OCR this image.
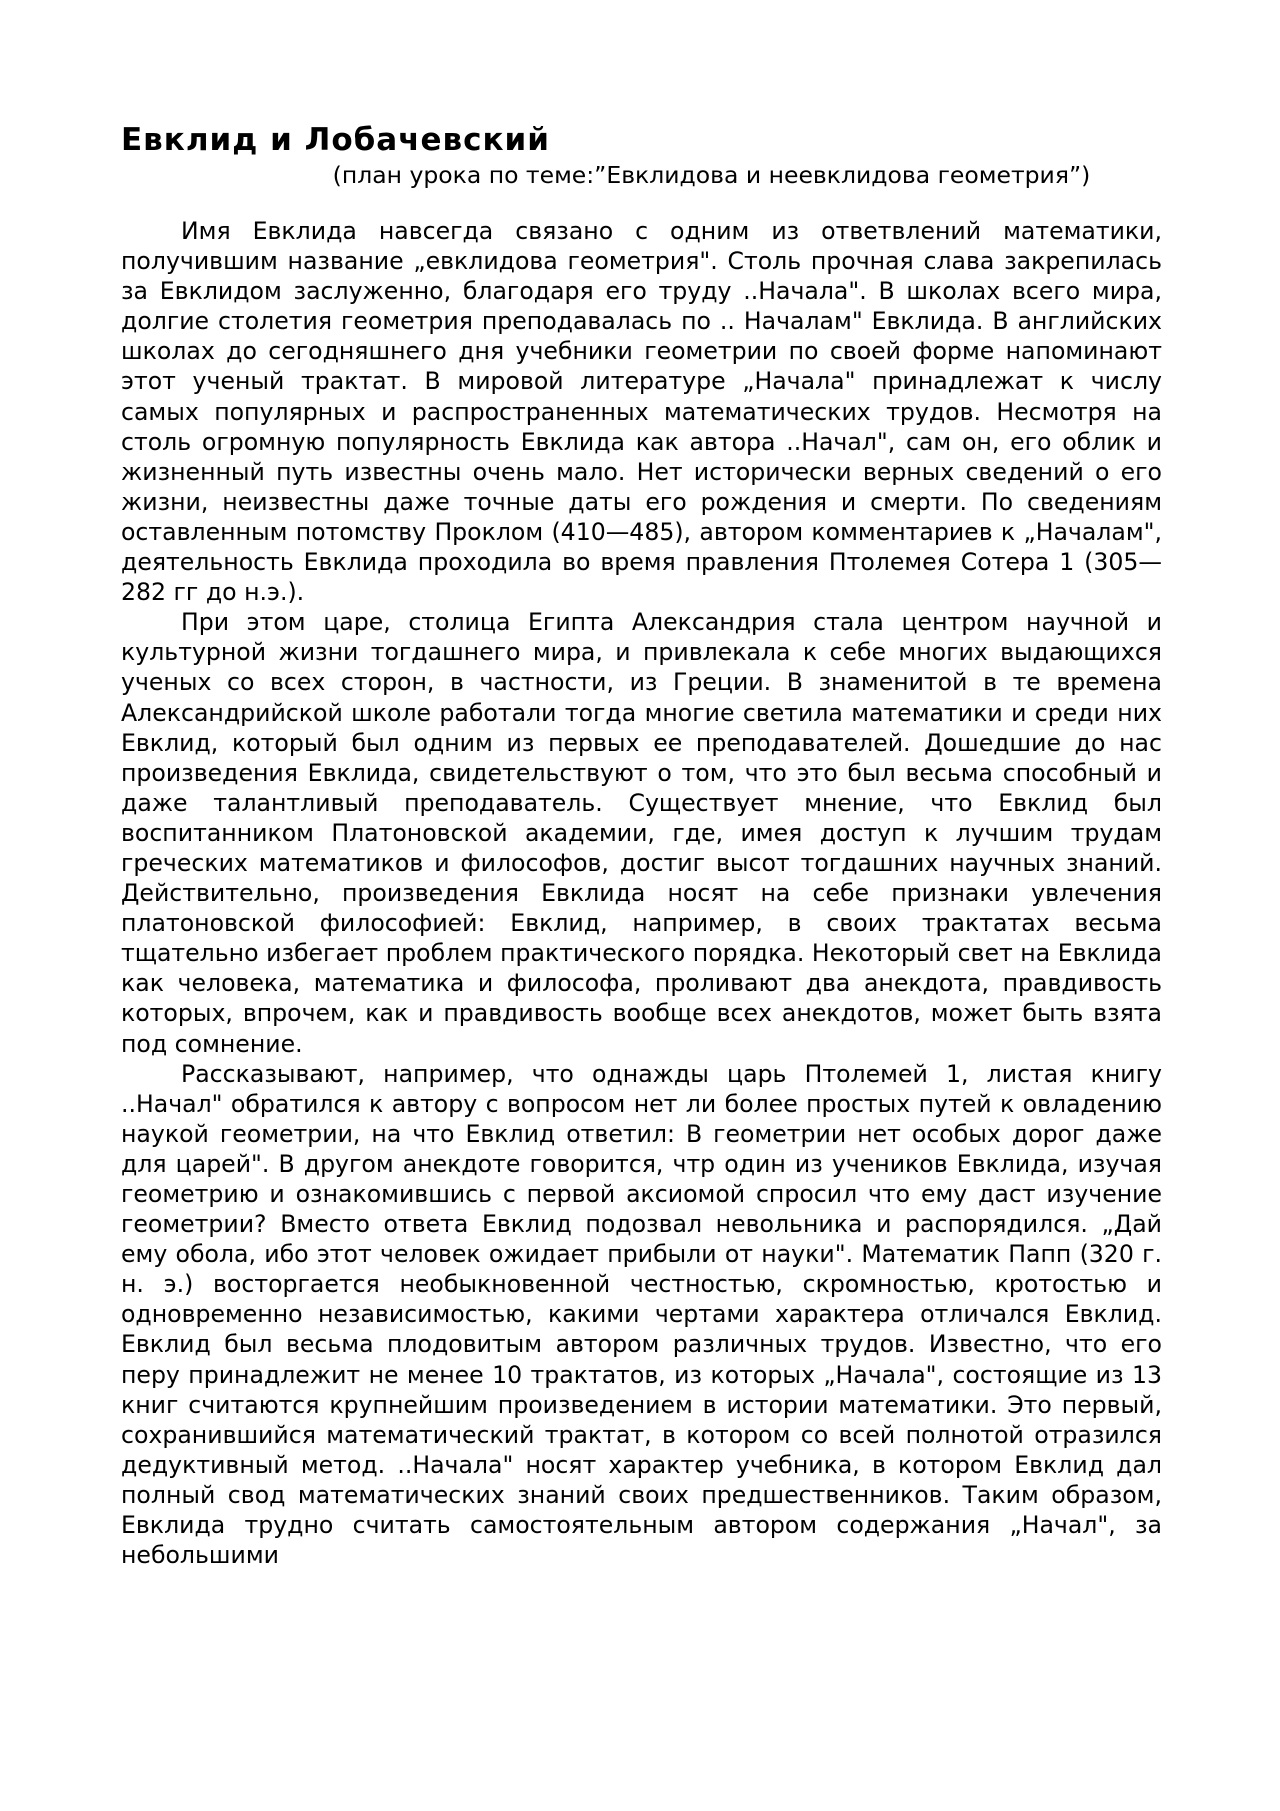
Евклид и Лобачевский
(план урока по теме:”Евклидова и неевклидова геометрия”)

Имя Евклида навсегда связано с одним из ответвлений математики, получившим название „евклидова геометрия". Столь прочная слава закрепилась за Евклидом заслуженно, благодаря его труду ..Начала". В школах всего мира, долгие столетия геометрия преподавалась по .. Началам" Евклида. В английских школах до сегодняшнего дня учебники геометрии по своей форме напоминают этот ученый трактат. В мировой литературе „Начала" принадлежат к числу самых популярных и распространенных математических трудов. Несмотря на столь огромную популярность Евклида как автора ..Начал", сам он, его облик и жизненный путь известны очень мало. Нет исторически верных сведений о его жизни, неизвестны даже точные даты его рождения и смерти. По сведениям оставленным потомству Проклом (410—485), автором комментариев к „Началам", деятельность Евклида проходила во время правления Птолемея Сотера 1 (305—282 гг до н.э.).

При этом царе, столица Египта Александрия стала центром научной и культурной жизни тогдашнего мира, и привлекала к себе многих выдающихся ученых со всех сторон, в частности, из Греции. В знаменитой в те времена Александрийской школе работали тогда многие светила математики и среди них Евклид, который был одним из первых ее преподавателей. Дошедшие до нас произведения Евклида, свидетельствуют о том, что это был весьма способный и даже талантливый преподаватель. Существует мнение, что Евклид был воспитанником Платоновской академии, где, имея доступ к лучшим трудам греческих математиков и философов, достиг высот тогдашних научных знаний. Действительно, произведения Евклида носят на себе признаки увлечения платоновской философией: Евклид, например, в своих трактатах весьма тщательно избегает проблем практического порядка. Некоторый свет на Евклида как человека, математика и философа, проливают два анекдота, правдивость которых, впрочем, как и правдивость вообще всех анекдотов, может быть взята под сомнение.

Рассказывают, например, что однажды царь Птолемей 1, листая книгу ..Начал" обратился к автору с вопросом нет ли более простых путей к овладению наукой геометрии, на что Евклид ответил: В геометрии нет особых дорог даже для царей". В другом анекдоте говорится, чтр один из учеников Евклида, изучая геометрию и ознакомившись с первой аксиомой спросил что ему даст изучение геометрии? Вместо ответа Евклид подозвал невольника и распорядился. „Дай ему обола, ибо этот человек ожидает прибыли от науки". Математик Папп (320 г. н. э.) восторгается необыкновенной честностью, скромностью, кротостью и одновременно независимостью, какими чертами характера отличался Евклид. Евклид был весьма плодовитым автором различных трудов. Известно, что его перу принадлежит не менее 10 трактатов, из которых „Начала", состоящие из 13 книг считаются крупнейшим произведением в истории математики. Это первый, сохранившийся математический трактат, в котором со всей полнотой отразился дедуктивный метод. ..Начала" носят характер учебника, в котором Евклид дал полный свод математических знаний своих предшественников. Таким образом, Евклида трудно считать самостоятельным автором содержания „Начал", за небольшими
